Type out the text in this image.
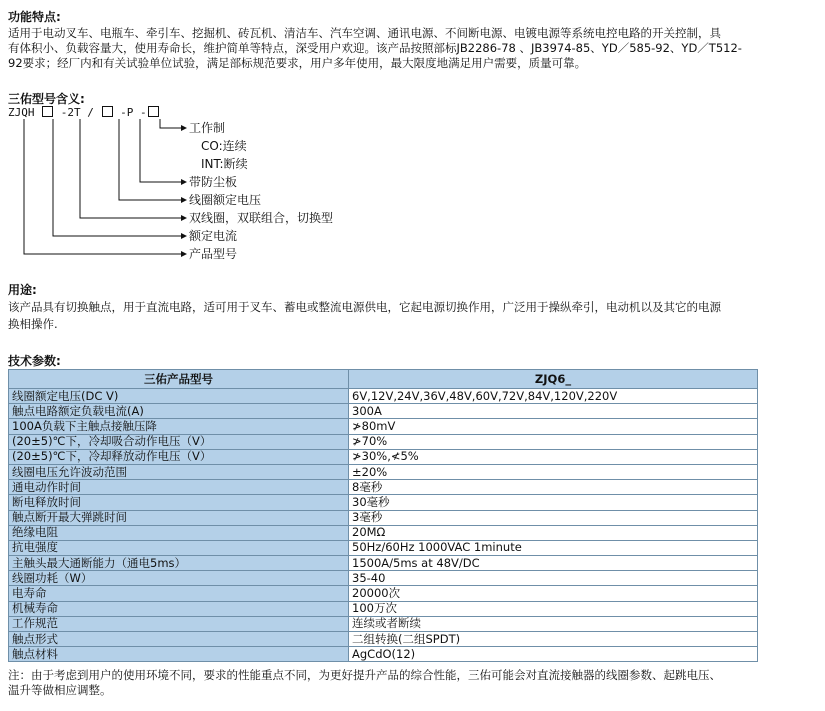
功能特点:
适用于电动叉车、电瓶车、牵引车、挖掘机、砖瓦机、清洁车、汽车空调、通讯电源、不间断电源、电镀电源等系统电控电路的开关控制，具
有体积小、负载容量大，使用寿命长，维护简单等特点，深受用户欢迎。该产品按照部标JB2286-78 、JB3974-85、YD／585-92、YD／T512-
92要求；经厂内和有关试验单位试验，满足部标规范要求，用户多年使用，最大限度地满足用户需要，质量可靠。
三佑型号含义:
ZJQH -2T / -P -
工作制
CO:连续
INT:断续
带防尘板
线圈额定电压
双线圈，双联组合，切换型
额定电流
产品型号
用途:
该产品具有切换触点，用于直流电路，适可用于叉车、蓄电或整流电源供电，它起电源切换作用，广泛用于操纵牵引，电动机以及其它的电源
换相操作.
技术参数:
三佑产品型号	ZJQ6_
线圈额定电压(DC V)	6V,12V,24V,36V,48V,60V,72V,84V,120V,220V
触点电路额定负载电流(A)	300A
100A负载下主触点接触压降	≯80mV
(20±5)℃下，冷却吸合动作电压（V）	≯70%
(20±5)℃下，冷却释放动作电压（V）	≯30%,≮5%
线圈电压允许波动范围	±20%
通电动作时间	8毫秒
断电释放时间	30毫秒
触点断开最大弹跳时间	3毫秒
绝缘电阻	20MΩ
抗电强度	50Hz/60Hz 1000VAC 1minute
主触头最大通断能力（通电5ms）	1500A/5ms at 48V/DC
线圈功耗（W）	35-40
电寿命	20000次
机械寿命	100万次
工作规范	连续或者断续
触点形式	二组转换(二组SPDT)
触点材料	AgCdO(12)
注：由于考虑到用户的使用环境不同，要求的性能重点不同，为更好提升产品的综合性能，三佑可能会对直流接触器的线圈参数、起跳电压、
温升等做相应调整。
